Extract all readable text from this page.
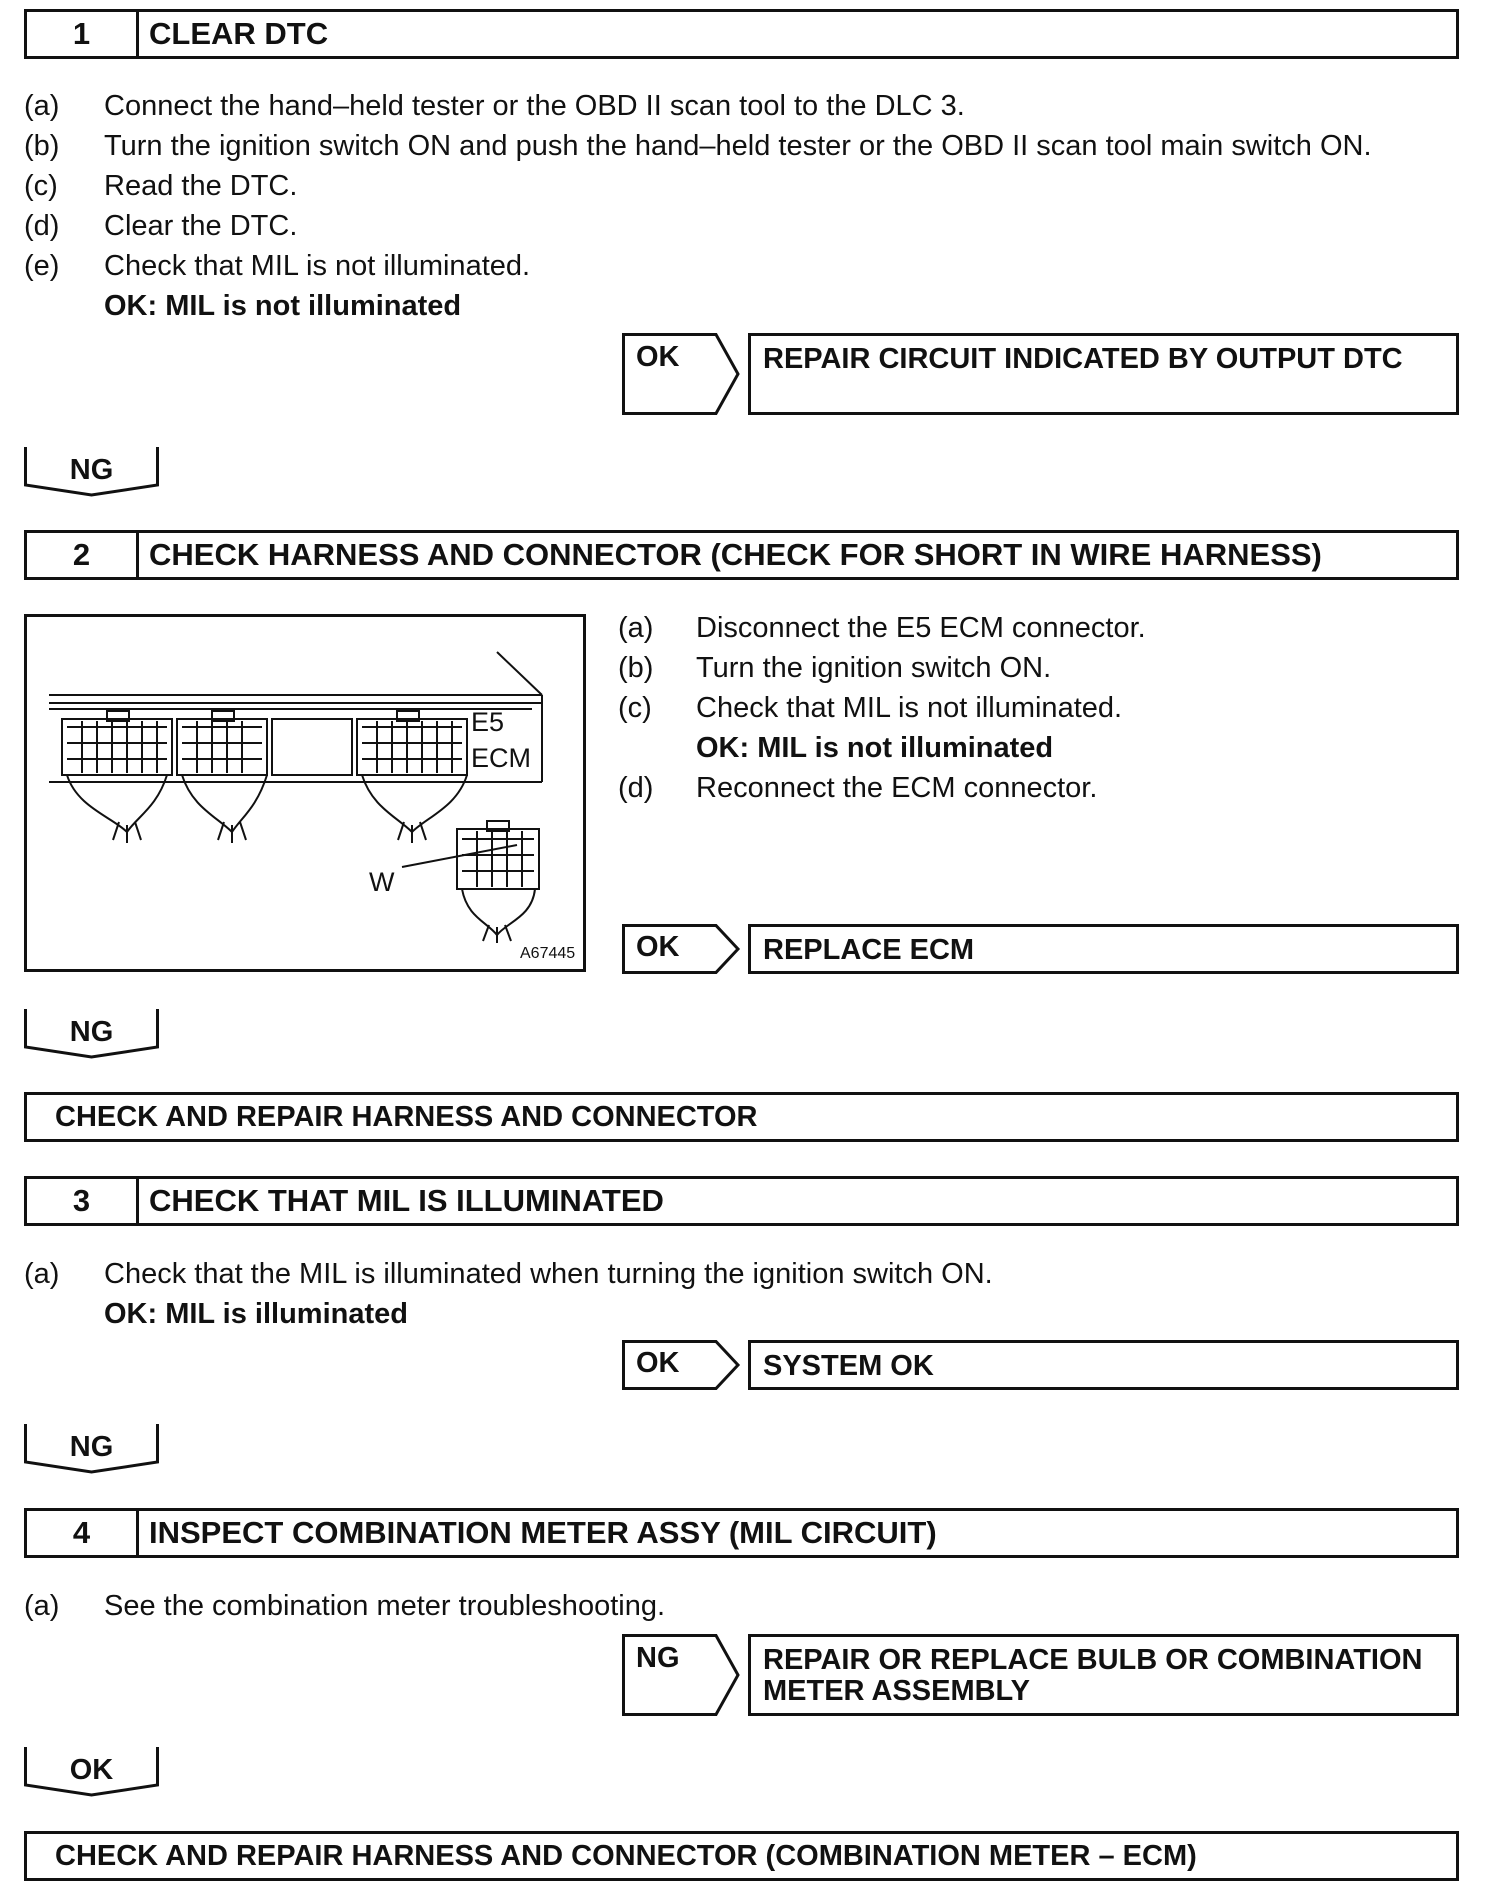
1	CLEAR DTC
(a) Connect the hand–held tester or the OBD II scan tool to the DLC 3.
(b) Turn the ignition switch ON and push the hand–held tester or the OBD II scan tool main switch ON.
(c) Read the DTC.
(d) Clear the DTC.
(e) Check that MIL is not illuminated.
OK: MIL is not illuminated
OK	REPAIR CIRCUIT INDICATED BY OUTPUT DTC
NG
2	CHECK HARNESS AND CONNECTOR (CHECK FOR SHORT IN WIRE HARNESS)
E5
ECM
W
A67445
(a) Disconnect the E5 ECM connector.
(b) Turn the ignition switch ON.
(c) Check that MIL is not illuminated.
OK: MIL is not illuminated
(d) Reconnect the ECM connector.
OK	REPLACE ECM
NG
CHECK AND REPAIR HARNESS AND CONNECTOR
3	CHECK THAT MIL IS ILLUMINATED
(a) Check that the MIL is illuminated when turning the ignition switch ON.
OK: MIL is illuminated
OK	SYSTEM OK
NG
4	INSPECT COMBINATION METER ASSY (MIL CIRCUIT)
(a) See the combination meter troubleshooting.
NG	REPAIR OR REPLACE BULB OR COMBINATION METER ASSEMBLY
OK
CHECK AND REPAIR HARNESS AND CONNECTOR (COMBINATION METER – ECM)
